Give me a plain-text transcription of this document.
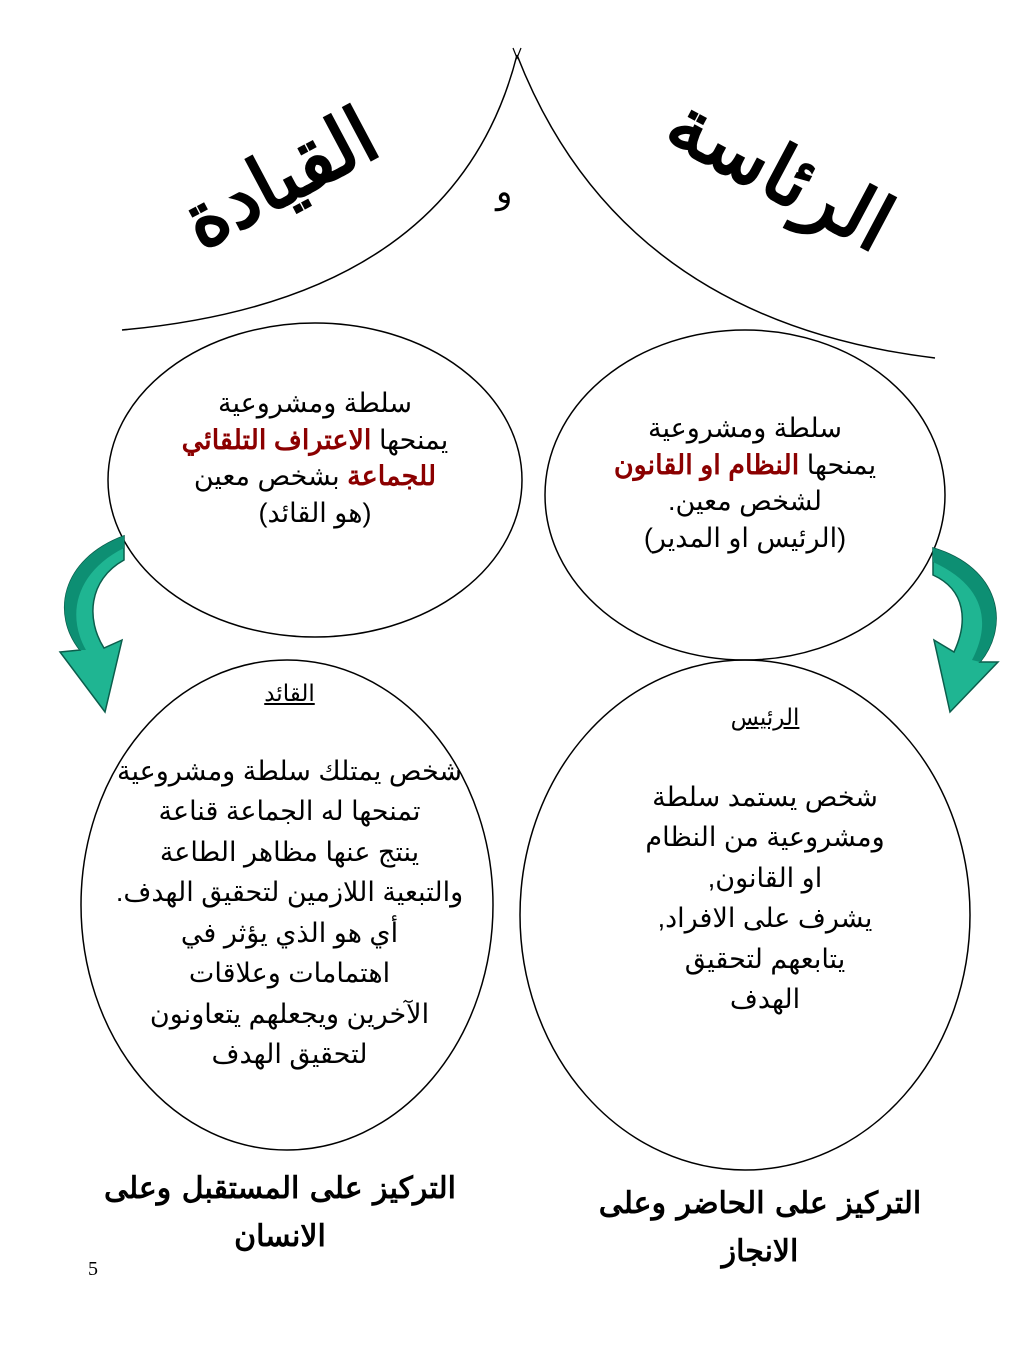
القيادة	و الرئاسة
سلطة ومشروعية
يمنحها الاعتراف التلقائي
للجماعة بشخص معين
(هو القائد)
سلطة ومشروعية
يمنحها النظام او القانون
لشخص معين.
(الرئيس او المدير)
القائد
شخص يمتلك سلطة ومشروعية
تمنحها له الجماعة قناعة
ينتج عنها مظاهر الطاعة
والتبعية اللازمين لتحقيق الهدف.
أي هو الذي يؤثر في
اهتمامات وعلاقات
الآخرين ويجعلهم يتعاونون
لتحقيق الهدف
الرئيس
شخص يستمد سلطة
ومشروعية من النظام
او القانون,
يشرف على الافراد,
يتابعهم لتحقيق
الهدف
التركيز على المستقبل وعلى
الانسان
التركيز على الحاضر وعلى
الانجاز
5
